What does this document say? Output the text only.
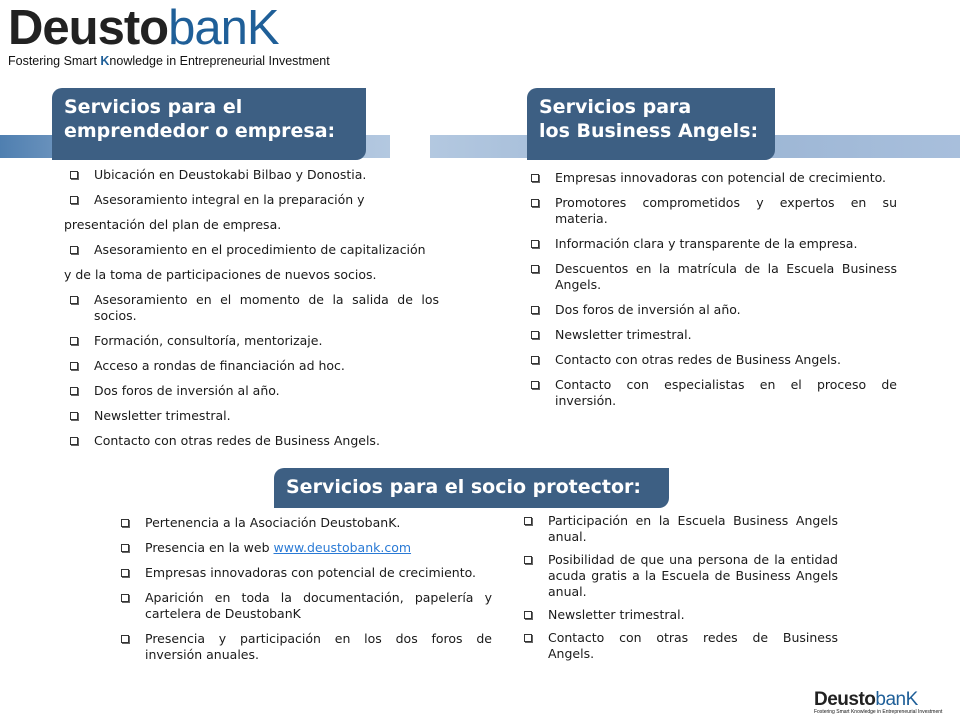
DeustobanK
Fostering Smart Knowledge in Entrepreneurial Investment
Servicios para el
emprendedor o empresa:
Servicios para
los Business Angels:
Servicios para el socio protector:
Ubicación en Deustokabi Bilbao y Donostia.
Asesoramiento integral en la preparación y
presentación del plan de empresa.
Asesoramiento en el procedimiento de capitalización
y de la toma de participaciones de nuevos socios.
Asesoramiento en el momento de la salida de los
socios.
Formación, consultoría, mentorizaje.
Acceso a rondas de financiación ad hoc.
Dos foros de inversión al año.
Newsletter trimestral.
Contacto con otras redes de Business Angels.
Empresas innovadoras con potencial de crecimiento.
Promotores comprometidos y expertos en su
materia.
Información clara y transparente de la empresa.
Descuentos en la matrícula de la Escuela Business
Angels.
Dos foros de inversión al año.
Newsletter trimestral.
Contacto con otras redes de Business Angels.
Contacto con especialistas en el proceso de
inversión.
Pertenencia a la Asociación DeustobanK.
Presencia en la web www.deustobank.com
Empresas innovadoras con potencial de crecimiento.
Aparición en toda la documentación, papelería y
cartelera de DeustobanK
Presencia y participación en los dos foros de
inversión anuales.
Participación en la Escuela Business Angels
anual.
Posibilidad de que una persona de la entidad
acuda gratis a la Escuela de Business Angels
anual.
Newsletter trimestral.
Contacto con otras redes de Business
Angels.
DeustobanK
Fostering Smart Knowledge in Entrepreneurial Investment
